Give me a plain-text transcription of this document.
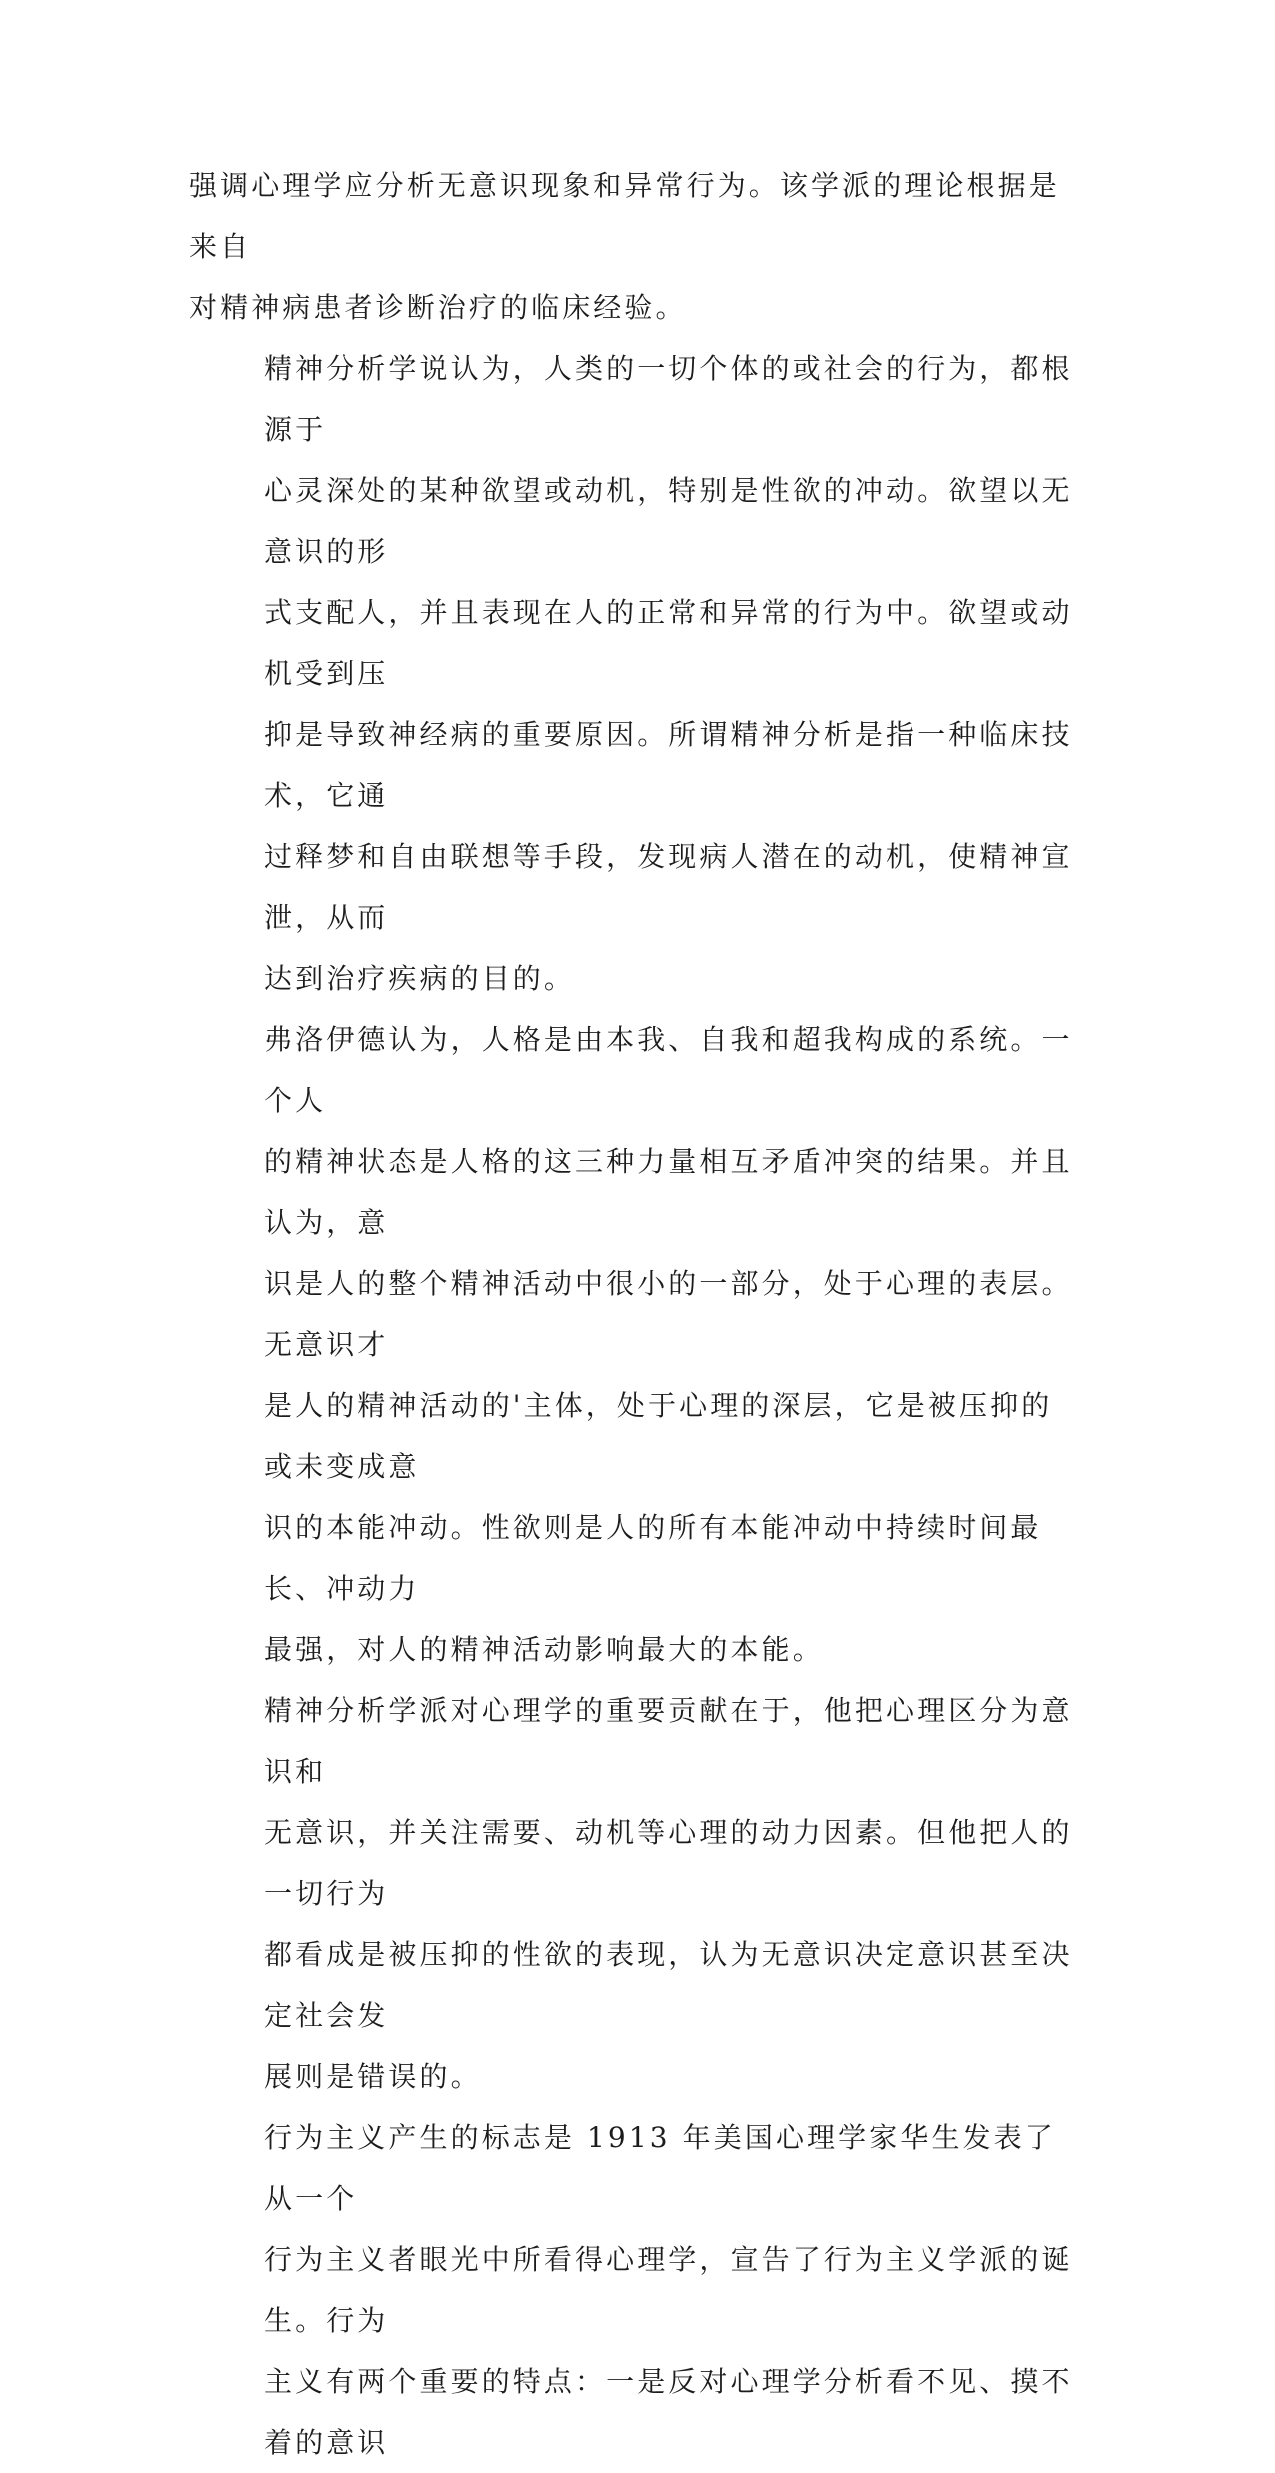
强调心理学应分析无意识现象和异常行为。该学派的理论根据是来自
对精神病患者诊断治疗的临床经验。

精神分析学说认为，人类的一切个体的或社会的行为，都根源于
心灵深处的某种欲望或动机，特别是性欲的冲动。欲望以无意识的形
式支配人，并且表现在人的正常和异常的行为中。欲望或动机受到压
抑是导致神经病的重要原因。所谓精神分析是指一种临床技术，它通
过释梦和自由联想等手段，发现病人潜在的动机，使精神宣泄，从而
达到治疗疾病的目的。

弗洛伊德认为，人格是由本我、自我和超我构成的系统。一个人
的精神状态是人格的这三种力量相互矛盾冲突的结果。并且认为，意
识是人的整个精神活动中很小的一部分，处于心理的表层。无意识才
是人的精神活动的'主体，处于心理的深层，它是被压抑的或未变成意
识的本能冲动。性欲则是人的所有本能冲动中持续时间最长、冲动力
最强，对人的精神活动影响最大的本能。

精神分析学派对心理学的重要贡献在于，他把心理区分为意识和
无意识，并关注需要、动机等心理的动力因素。但他把人的一切行为
都看成是被压抑的性欲的表现，认为无意识决定意识甚至决定社会发
展则是错误的。

行为主义产生的标志是 1913 年美国心理学家华生发表了从一个
行为主义者眼光中所看得心理学，宣告了行为主义学派的诞生。行为
主义有两个重要的特点：一是反对心理学分析看不见、摸不着的意识
